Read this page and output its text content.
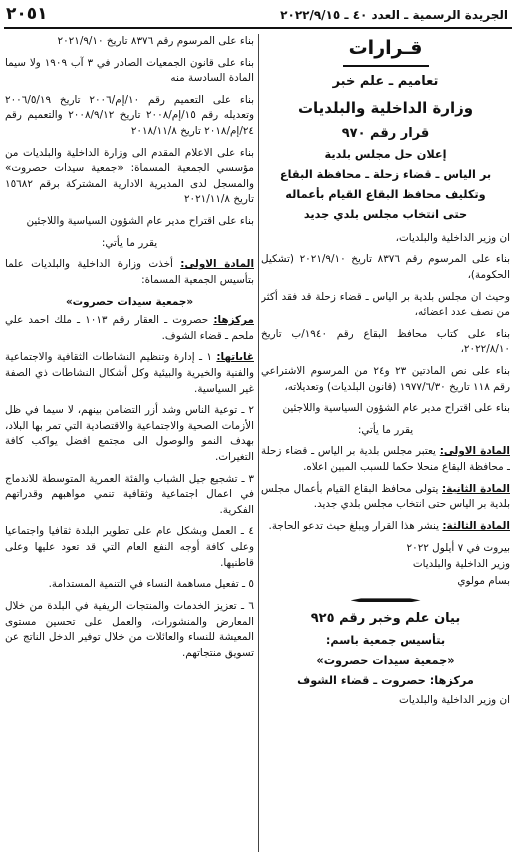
الجريدة الرسمية ـ العدد ٤٠ ـ ٢٠٢٢/٩/١٥
٢٠٥١
قـرارات
تعاميم ـ علم خبر
وزارة الداخلية والبلديات
قرار رقم ٩٧٠
إعلان حل مجلس بلدية
بر الياس ـ قضاء زحلة ـ محافظة البقاع
وتكليف محافظ البقاع القيام بأعماله
حتى انتخاب مجلس بلدي جديد

ان وزير الداخلية والبلديات،

بناء على المرسوم رقم ٨٣٧٦ تاريخ ٢٠٢١/٩/١٠ (تشكيل الحكومة)،

وحيث ان مجلس بلدية بر الياس ـ قضاء زحلة قد فقد أكثر من نصف عدد اعضائه،

بناء على كتاب محافظ البقاع رقم ١٩٤٠/ب تاريخ ٢٠٢٢/٨/١٠،

بناء على نص المادتين ٢٣ و٢٤ من المرسوم الاشتراعي رقم ١١٨ تاريخ ١٩٧٧/٦/٣٠ (قانون البلديات) وتعديلاته،

بناء على اقتراح مدير عام الشؤون السياسية واللاجئين

يقرر ما يأتي:

المادة الاولى: يعتبر مجلس بلدية بر الياس ـ قضاء زحلة ـ محافظة البقاع منحلا حكما للسبب المبين اعلاه.

المادة الثانية: يتولى محافظ البقاع القيام بأعمال مجلس بلدية بر الياس حتى انتخاب مجلس بلدي جديد.

المادة الثالثة: ينشر هذا القرار ويبلغ حيث تدعو الحاجة.

بيروت في ٧ أيلول ٢٠٢٢
وزير الداخلية والبلديات
بسام مولوي
بيان علم وخبر رقم ٩٢٥
بتأسيس جمعية باسم:
«جمعية سيدات حصروت»
مركزها: حصروت ـ قضاء الشوف

ان وزير الداخلية والبلديات

بناء على المرسوم رقم ٨٣٧٦ تاريخ ٢٠٢١/٩/١٠

بناء على قانون الجمعيات الصادر في ٣ آب ١٩٠٩ ولا سيما المادة السادسة منه

بناء على التعميم رقم ١٠/إم/٢٠٠٦ تاريخ ٢٠٠٦/٥/١٩ وتعديله رقم ١٥/إم/٢٠٠٨ تاريخ ٢٠٠٨/٩/١٢ والتعميم رقم ٢٤/إم/٢٠١٨ تاريخ ٢٠١٨/١١/٨

بناء على الاعلام المقدم الى وزارة الداخلية والبلديات من مؤسسي الجمعية المسماة: «جمعية سيدات حصروت» والمسجل لدى المديرية الادارية المشتركة برقم ١٥٦٨٢ تاريخ ٢٠٢١/١١/٨

بناء على اقتراح مدير عام الشؤون السياسية واللاجئين

يقرر ما يأتي:

المادة الاولى: أخذت وزارة الداخلية والبلديات علما بتأسيس الجمعية المسماة:

«جمعية سيدات حصروت»

مركزها: حصروت ـ العقار رقم ١٠١٣ ـ ملك احمد علي ملحم ـ قضاء الشوف.

غاياتها: ١ ـ إدارة وتنظيم النشاطات الثقافية والاجتماعية والفنية والخيرية والبيئية وكل أشكال النشاطات ذي الصفة غير السياسية.

٢ ـ توعية الناس وشد أزر التضامن بينهم، لا سيما في ظل الأزمات الصحية والاجتماعية والاقتصادية التي تمر بها البلاد، بهدف النمو والوصول الى مجتمع افضل يواكب كافة التغيرات.

٣ ـ تشجيع جيل الشباب والفئة العمرية المتوسطة للاندماج في اعمال اجتماعية وثقافية تنمي مواهبهم وقدراتهم الفكرية.

٤ ـ العمل وبشكل عام على تطوير البلدة ثقافيا واجتماعيا وعلى كافة أوجه النفع العام التي قد تعود عليها وعلى قاطنيها.

٥ ـ تفعيل مساهمة النساء في التنمية المستدامة.

٦ ـ تعزيز الخدمات والمنتجات الريفية في البلدة من خلال المعارض والمنشورات، والعمل على تحسين مستوى المعيشة للنساء والعائلات من خلال توفير الدخل الناتج عن تسويق منتجاتهم.
